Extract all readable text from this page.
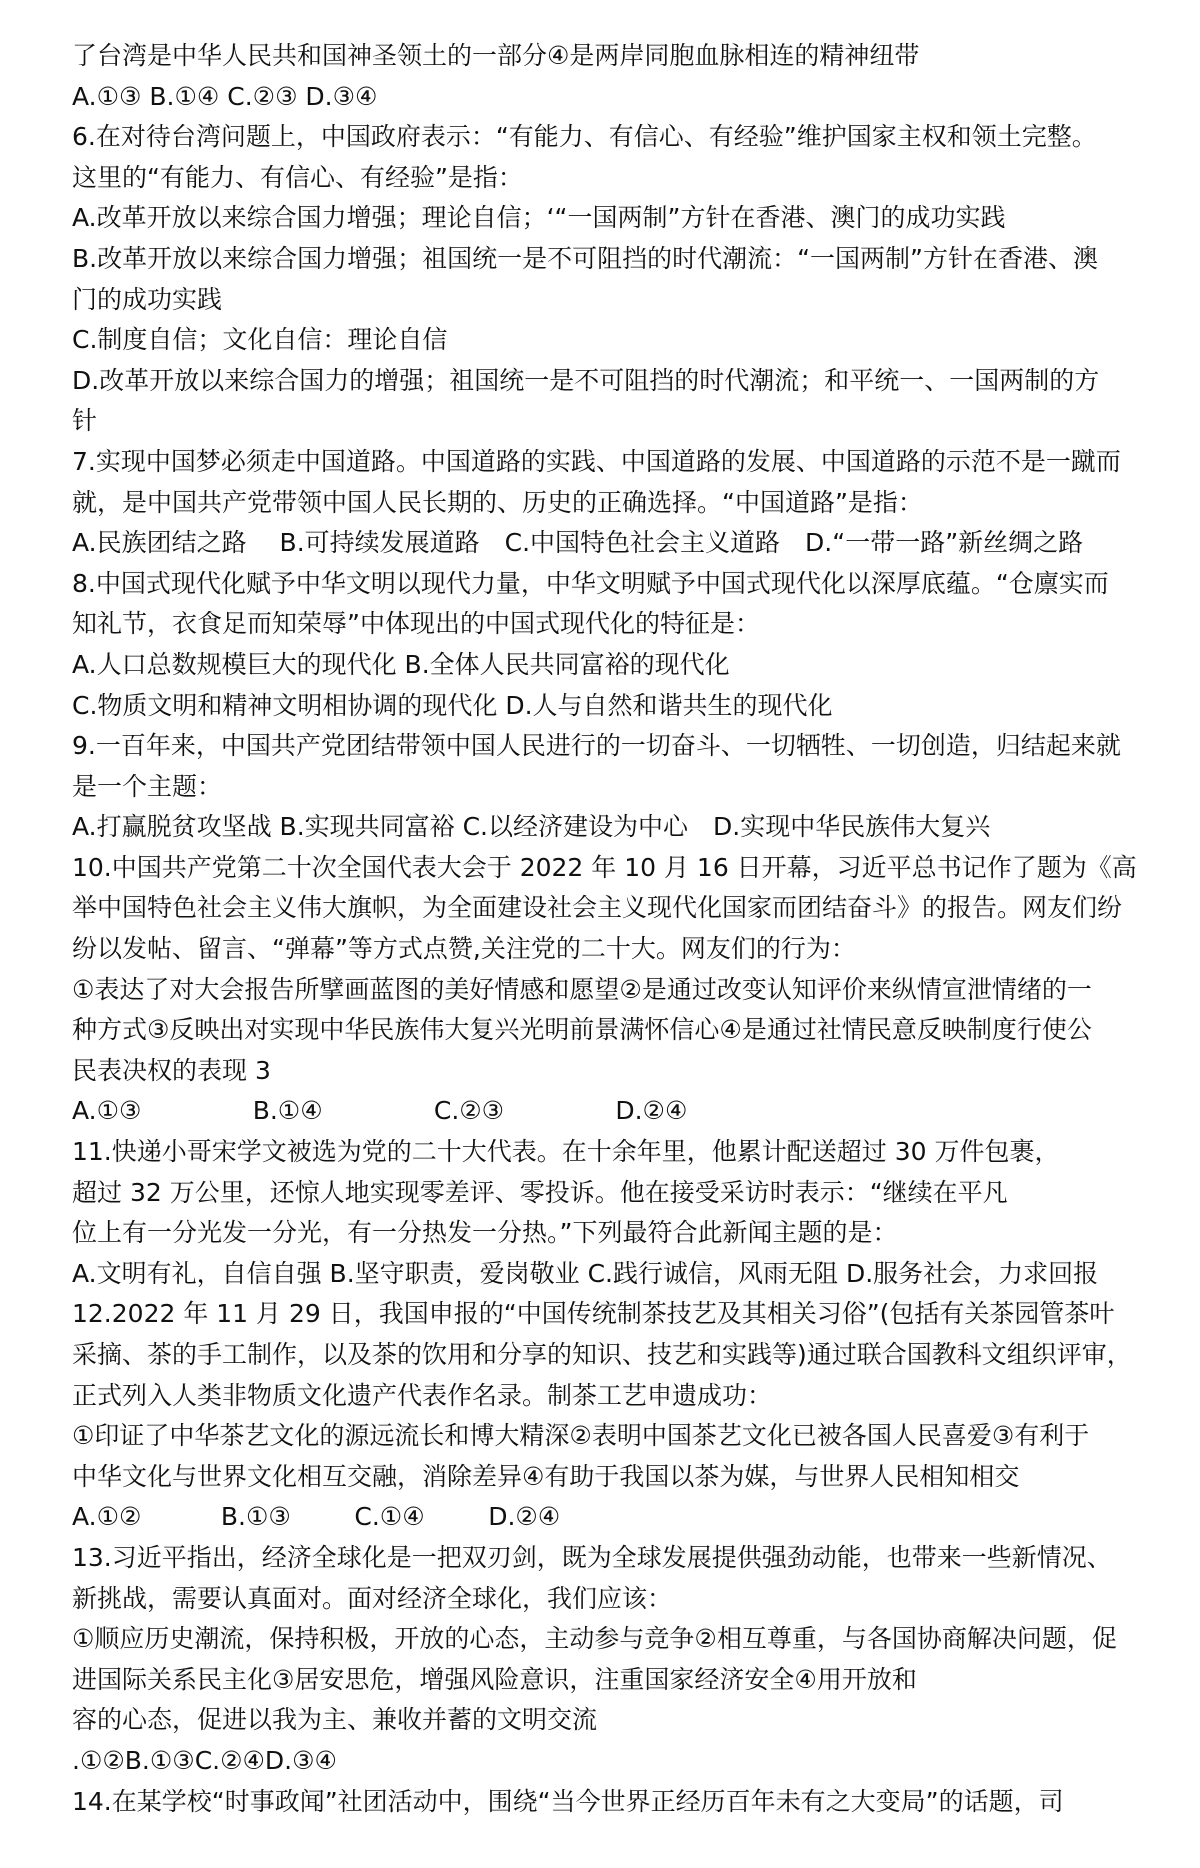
了台湾是中华人民共和国神圣领土的一部分④是两岸同胞血脉相连的精神纽带
A.①③ B.①④ C.②③ D.③④
6.在对待台湾问题上，中国政府表示：“有能力、有信心、有经验”维护国家主权和领土完整。
这里的“有能力、有信心、有经验”是指：
A.改革开放以来综合国力增强；理论自信；‘“一国两制”方针在香港、澳门的成功实践
B.改革开放以来综合国力增强；祖国统一是不可阻挡的时代潮流：“一国两制”方针在香港、澳
门的成功实践
C.制度自信；文化自信：理论自信
D.改革开放以来综合国力的增强；祖国统一是不可阻挡的时代潮流；和平统一、一国两制的方
针
7.实现中国梦必须走中国道路。中国道路的实践、中国道路的发展、中国道路的示范不是一蹴而
就，是中国共产党带领中国人民长期的、历史的正确选择。“中国道路”是指：
A.民族团结之路　 B.可持续发展道路　C.中国特色社会主义道路　D.“一带一路”新丝绸之路
8.中国式现代化赋予中华文明以现代力量，中华文明赋予中国式现代化以深厚底蕴。“仓廪实而
知礼节，衣食足而知荣辱”中体现出的中国式现代化的特征是：
A.人口总数规模巨大的现代化 B.全体人民共同富裕的现代化
C.物质文明和精神文明相协调的现代化 D.人与自然和谐共生的现代化
9.一百年来，中国共产党团结带领中国人民进行的一切奋斗、一切牺牲、一切创造，归结起来就
是一个主题：
A.打赢脱贫攻坚战 B.实现共同富裕 C.以经济建设为中心　D.实现中华民族伟大复兴
10.中国共产党第二十次全国代表大会于 2022 年 10 月 16 日开幕，习近平总书记作了题为《高
举中国特色社会主义伟大旗帜，为全面建设社会主义现代化国家而团结奋斗》的报告。网友们纷
纷以发帖、留言、“弹幕”等方式点赞,关注党的二十大。网友们的行为：
①表达了对大会报告所擘画蓝图的美好情感和愿望②是通过改变认知评价来纵情宣泄情绪的一
种方式③反映出对实现中华民族伟大复兴光明前景满怀信心④是通过社情民意反映制度行使公
民表决权的表现 3
A.①③              B.①④              C.②③              D.②④
11.快递小哥宋学文被选为党的二十大代表。在十余年里，他累计配送超过 30 万件包裹，
超过 32 万公里，还惊人地实现零差评、零投诉。他在接受采访时表示：“继续在平凡
位上有一分光发一分光，有一分热发一分热。”下列最符合此新闻主题的是：
A.文明有礼，自信自强 B.坚守职责，爱岗敬业 C.践行诚信，风雨无阻 D.服务社会，力求回报
12.2022 年 11 月 29 日，我国申报的“中国传统制茶技艺及其相关习俗”(包括有关茶园管茶叶
采摘、茶的手工制作，以及茶的饮用和分享的知识、技艺和实践等)通过联合国教科文组织评审，
正式列入人类非物质文化遗产代表作名录。制茶工艺申遗成功：
①印证了中华茶艺文化的源远流长和博大精深②表明中国茶艺文化已被各国人民喜爱③有利于
中华文化与世界文化相互交融，消除差异④有助于我国以茶为媒，与世界人民相知相交
A.①②          B.①③        C.①④        D.②④
13.习近平指出，经济全球化是一把双刃剑，既为全球发展提供强劲动能，也带来一些新情况、
新挑战，需要认真面对。面对经济全球化，我们应该：
①顺应历史潮流，保持积极，开放的心态，主动参与竞争②相互尊重，与各国协商解决问题，促
进国际关系民主化③居安思危，增强风险意识，注重国家经济安全④用开放和
容的心态，促进以我为主、兼收并蓄的文明交流
.①②B.①③C.②④D.③④
14.在某学校“时事政闻”社团活动中，围绕“当今世界正经历百年未有之大变局”的话题，司
